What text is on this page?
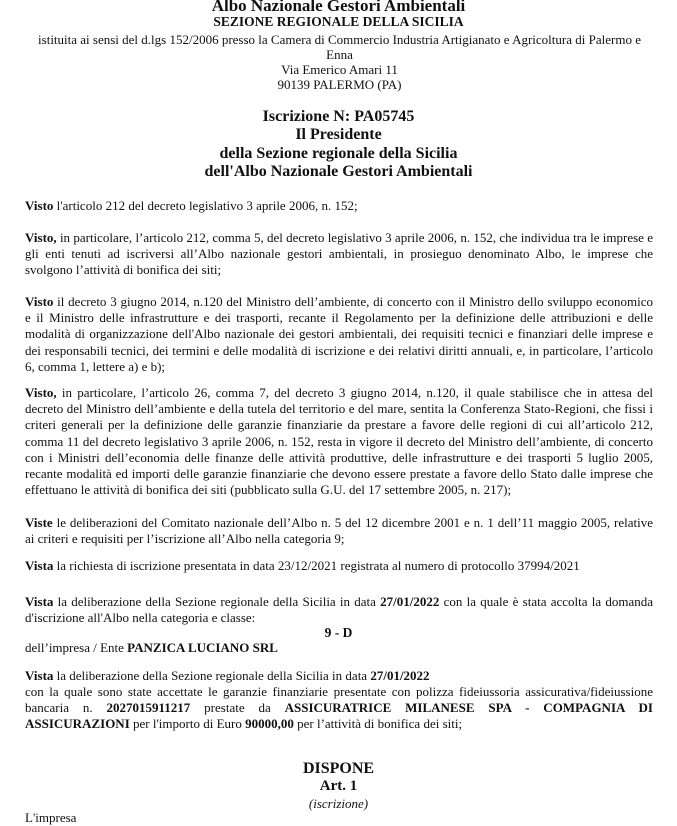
Albo Nazionale Gestori Ambientali
SEZIONE REGIONALE DELLA SICILIA
istituita ai sensi del d.lgs 152/2006 presso la Camera di Commercio Industria Artigianato e Agricoltura di Palermo e
Enna
Via Emerico Amari 11
90139 PALERMO (PA)
Iscrizione N: PA05745
Il Presidente
della Sezione regionale della Sicilia
dell'Albo Nazionale Gestori Ambientali
Visto l'articolo 212 del decreto legislativo 3 aprile 2006, n. 152;
Visto, in particolare, l’articolo 212, comma 5, del decreto legislativo 3 aprile 2006, n. 152, che individua tra le imprese e gli enti tenuti ad iscriversi all’Albo nazionale gestori ambientali, in prosieguo denominato Albo, le imprese che svolgono l’attività di bonifica dei siti;
Visto il decreto 3 giugno 2014, n.120 del Ministro dell’ambiente, di concerto con il Ministro dello sviluppo economico e il Ministro delle infrastrutture e dei trasporti, recante il Regolamento per la definizione delle attribuzioni e delle modalità di organizzazione dell'Albo nazionale dei gestori ambientali, dei requisiti tecnici e finanziari delle imprese e dei responsabili tecnici, dei termini e delle modalità di iscrizione e dei relativi diritti annuali, e, in particolare, l’articolo 6, comma 1, lettere a) e b);
Visto, in particolare, l’articolo 26, comma 7, del decreto 3 giugno 2014, n.120, il quale stabilisce che in attesa del decreto del Ministro dell’ambiente e della tutela del territorio e del mare, sentita la Conferenza Stato-Regioni, che fissi i criteri generali per la definizione delle garanzie finanziarie da prestare a favore delle regioni di cui all’articolo 212, comma 11 del decreto legislativo 3 aprile 2006, n. 152, resta in vigore il decreto del Ministro dell’ambiente, di concerto con i Ministri dell’economia delle finanze delle attività produttive, delle infrastrutture e dei trasporti 5 luglio 2005, recante modalità ed importi delle garanzie finanziarie che devono essere prestate a favore dello Stato dalle imprese che effettuano le attività di bonifica dei siti (pubblicato sulla G.U. del 17 settembre 2005, n. 217);
Viste le deliberazioni del Comitato nazionale dell’Albo n. 5 del 12 dicembre 2001 e n. 1 dell’11 maggio 2005, relative ai criteri e requisiti per l’iscrizione all’Albo nella categoria 9;
Vista la richiesta di iscrizione presentata in data 23/12/2021 registrata al numero di protocollo 37994/2021
Vista la deliberazione della Sezione regionale della Sicilia in data 27/01/2022 con la quale è stata accolta la domanda d'iscrizione all'Albo nella categoria e classe:
9 - D
dell’impresa / Ente PANZICA LUCIANO SRL
Vista la deliberazione della Sezione regionale della Sicilia in data 27/01/2022
con la quale sono state accettate le garanzie finanziarie presentate con polizza fideiussoria assicurativa/fideiussione bancaria n. 2027015911217 prestate da ASSICURATRICE MILANESE SPA - COMPAGNIA DI ASSICURAZIONI per l'importo di Euro 90000,00 per l’attività di bonifica dei siti;
DISPONE
Art. 1
(iscrizione)
L'impresa
